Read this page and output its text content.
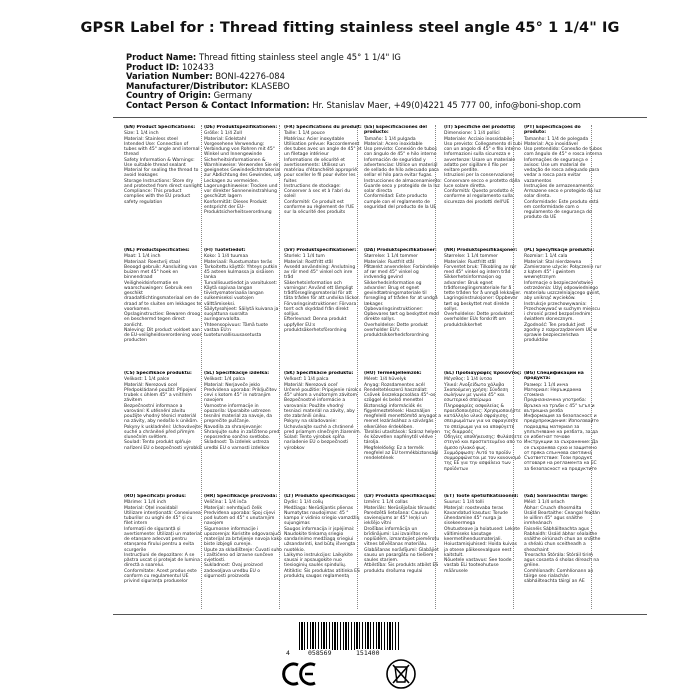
GPSR Label for : Thread fitting stainless steel angle 45° 1 1/4" IG
Product Name: Thread fitting stainless steel angle 45° 1 1/4" IG
Product ID: 102433
Variation Number: BONI-42276-084
Manufacturer/Distributor: KLASEBO
Country of Origin: Germany
Contact Person & Contact Information: Hr. Stanislav Maer, +49(0)4221 45 777 00, info@boni-shop.com
(EN) Product Specifications:
Size: 1 1/4 inch
Material: Stainless steel
Intended Use: Connection of tubes with 45° angle and internal thread
Safety Information & Warnings: Use suitable thread sealant
Material for sealing the thread to avoid leakages
Storage Instructions: Store dry and protected from direct sunlight
Compliance: This product complies with the EU product safety regulation
(DE) Produktspezifikationen:
Größe: 1 1/4 Zoll
Material: Edelstahl
Vorgesehene Verwendung: Verbindung von Rohren mit 45° Winkel und Innengewinde
Sicherheitsinformationen & Warnhinweise: Verwenden Sie ein geeignetes Gewindedichtmaterial zur Abdichtung des Gewindes, um Leckagen zu vermeiden.
Lagerungshinweise: Trocken und vor direkter Sonneneinstrahlung geschützt lagern
Konformität: Dieses Produkt entspricht der EU-Produktsicherheitsverordnung
(FR) Spécifications du produit:
Taille: 1 1/4 pouce
Matériau: Acier inoxydable
Utilisation prévue: Raccordement des tubes avec un angle de 45° et un filetage intérieur
Informations de sécurité et avertissements: Utilisez un matériau d'étanchéité approprié pour sceller le fil pour éviter les fuites
Instructions de stockage: Conserver à sec et à l'abri du soleil
Conformité: Ce produit est conforme au règlement de l'UE sur la sécurité des produits
(ES) Especificaciones del producto:
Tamaño: 1 1/4 pulgada
Material: Acero inoxidable
Uso previsto: Conexión de tubos con ángulo de 45° e hilo interno
Información de seguridad y advertencias: Utilice un material de sellado de hilo adecuado para sellar el hilo para evitar fugas.
Instrucciones de almacenamiento: Guarde seco y protegido de la luz solar directa
Conformidad: Este producto cumple con el reglamento de seguridad del producto de la UE
(IT) Specifiche del prodotto:
Dimensione: 1 1/4 pollici
Materiale: Acciaio inossidabile
Uso previsto: Collegamento di tubi con un angolo di 45° e filo interno
Informazioni sulla sicurezza e avvertenze: Usare un materiale adatto per sigillare il filo per evitare perdite.
Istruzioni per la conservazione: Conservare secco e protetto dalla luce solare diretta.
Conformità: Questo prodotto è conforme al regolamento sulla sicurezza dei prodotti dell'UE
(PT) Especificações do produto:
Tamanho: 1 1/4 de polegada
Material: Aço inoxidável
Uso pretendido: Conexão de tubos com ângulo de 45° e rosca interna
Informações de segurança e avisos: Use um material de vedação de rosca adequado para vedar a rosca para evitar vazamentos
Instruções de armazenamento: Armazene seco e protegido da luz solar direta.
Conformidade: Este produto está em conformidade com o regulamento de segurança do produto da UE
(NL) Productspecificaties:
Maat: 1 1/4 inch
Materiaal: Roestvrij staal
Beoogd gebruik: Aansluiting van buizen met 45° hoek en binnendraad
Veiligheidsinformatie en waarschuwingen: Gebruik een geschikt draadafdichtingsmateriaal om de draad af te sluiten om lekkages te voorkomen.
Opslaginstructies: Bewaren droog en beschermd tegen direct zonlicht.
Naleving: Dit product voldoet aan de EU-veiligheidsverordening voor producten
(FI) Tuotetiedot:
Koko: 1 1/4 tuumaa
Materiaali: Ruostumaton teräs
Tarkoitettu käyttö: Yhteys putkin 45 asteen kulmassa ja sisäisen lanka
Turvallisuustiedot ja varoitukset: Käytä sopivaa langan tiivistysmateriaalia langan sulkemiseksi vuotojen välttämiseksi.
Säilytysohjeet: Säilytä kuivana ja suojattuna suoralta auringonvalolta.
Yhteensopivuus: Tämä tuote vastaa EU:n tuoteturvallisuusasetusta
(SV) Produktspecifikationer:
Storlek: 1 1/4 tum
Material: Rostfritt stål
Avsedd användning: Anslutning av rör med 45° vinkel och inre tråd
Säkerhetsinformation och varningar: Använd ett lämpligt trådförseglingsmaterial för att täta tråden för att undvika läckor.
Förvaringsinstruktioner: Förvara torrt och skyddad från direkt solljus.
Efterlevnad: Denna produkt uppfyller EU:s produktsäkerhetsförordning
(DA) Produktspecifikationer:
Størrelse: 1 1/4 tommer
Materiale: Rustfrit stål
Påtænkt anvendelse: Forbindelse af rør med 45° vinkel og indvendig gevind
Sikkerhedsinformation og advarsler: Brug et egnet gevindtætningsmateriale til forsegling af tråden for at undgå lækager.
Opbevaringsinstruktioner: Opbevares tørt og beskyttet mod direkte sollys.
Overholdelse: Dette produkt overholder EU's produktsikkerhedsforordning
(NR) Produktspesifikasjoner:
Størrelse: 1 1/4 tommer
Materiale: Rustfritt stål
Forventet bruk: Tilkobling av rør med 45° vinkel og intern tråd
Sikkerhetsinformasjon og advarsler: Bruk egnet trådforseglingsmateriale for å tette tråden for å unngå lekkasjer.
Lagringsinstruksjoner: Oppbevar tørt og beskyttet mot direkte sollys.
Overholdelse: Dette produktet overholder EUs forskrift om produktsikkerhet
(PL) Specyfikacje produktu:
Rozmiar: 1 1/4 cala
Materiał: Stal nierdzewna
Zamierzone użycie: Połączenie rur z kątem 45° i gwintem wewnętrznym
Informacje o bezpieczeństwie i ostrzeżenia: Użyj odpowiedniego materiału uszczelniającego gwint, aby uniknąć wycieków.
Instrukcje przechowywania: Przechowywać w suchym miejscu i chronić przed bezpośrednim światłem słonecznym.
Zgodność: Ten produkt jest zgodny z rozporządzeniem UE w sprawie bezpieczeństwa produktów
(CS) Specifikace produktu:
Velikost: 1 1/4 palce
Materiál: Nerezová ocel
Předpokládané použití: Připojení trubek s úhlem 45° a vnitřním závitem
Bezpečnostní informace a varování: K utěsnění závitu použijte vhodný těsnicí materiál na závity, aby nedošlo k únikům.
Pokyny k uskladnění: Uchovávejte suché a chráněné před přímým slunečním světlem.
Soulad: Tento produkt splňuje nařízení EU o bezpečnosti výrobků
(SL) Specifikacije izdelka:
Velikost: 1/4 palca
Material: Nerjaveče jeklo
Predvidena uporaba: Priključitev cevi s kotom 45° in notranjim navojem
Varnostne informacije in opozorila: Uporabite ustrezen tesnilni material za navoje, da preprečite puščanje.
Navodila za shranjevanje: Shranjujte suho in zaščiteno pred neposredno sončno svetlobo.
Skladnost: Ta izdelek ustreza uredbi EU o varnosti izdelkov
(SK) Špecifikácie produktu:
Veľkosť: 1 1/4 palca
Materiál: Nerezová oceľ
Určené použitie: Pripojenie rúrok s 45° uhlom a vnútorným závitom
Bezpečnostné informácie a varovania: Použite vhodný tesniaci materiál na závity, aby ste zabránili úniku.
Pokyny na skladovanie: Uchovávajte suché a chránené pred priamym slnečným žiarením.
Súlad: Tento výrobok spĺňa nariadenie EÚ o bezpečnosti výrobkov
(HU) Termékjellemzők:
Méret: 1/4 hüvelyk
Anyag: Rozsdamentes acél
Rendeltetésszerű használat: Csövek összekapcsolása 45°-os szöggel és belső menettel
Biztonsági információk és figyelmeztetések: Használjon megfelelő menettömítő anyagot a menet lezárásához a szivárgás elkerülése érdekében.
Tárolási utasítások: Száraz helyen és közvetlen napfénytől védve tárolja.
Megfelelőség: Ez a termék megfelel az EU termékbiztonsági rendeletének
(EL) Προδιαγραφές προϊόντος:
Μέγεθος: 1 1/4 ίντσα
Υλικό: Ανοξείδωτο χάλυβα
Σκοπούμενη χρήση: Σύνδεση σωλήνων με γωνία 45° και εσωτερικό σπείρωμα
Πληροφορίες ασφαλείας & προειδοποιήσεις: Χρησιμοποιήστε κατάλληλο υλικό σφράγισης σπειρωμάτων για να σφραγίσετε το σπείρωμα για να αποφύγετε τις διαρροές
Οδηγίες αποθήκευσης: Φυλάσσετε στεγνό και προστατευμένο από το άμεσο ηλιακό φως.
Συμμόρφωση: Αυτό το προϊόν συμμορφώνεται με τον κανονισμό της ΕΕ για την ασφάλεια των προϊόντων
(BG) Спецификации на продукта:
Размер: 1 1/4 инча
Материал: Неръждаема стомана
Предназначена употреба: Връзка на тръби с 45° ъгъл и вътрешна резба
Информация за безопасност и предупреждения: Използвайте подходящ материал за уплътняване на резбата, за да се избегнат течове
Инструкции за съхранение: Да се съхранява сухо и защитено от пряка слънчева светлина
Съответствие: Този продукт отговаря на регламента на ЕС за безопасност на продуктите
(RO) Specificații produs:
Mărime: 1 1/4 inch
Material: Oțel inoxidabil
Utilizare intenționată: Conexiunea tuburilor cu unghi de 45° și cu filet intern
Informații de siguranță și avertismente: Utilizați un material de etanșare adecvat pentru etanșarea firului pentru a evita scurgerile
Instrucțiuni de depozitare: A se păstra uscat și protejat de lumina directă a soarelui.
Conformitate: Acest produs este conform cu regulamentul UE privind siguranța produselor
(HR) Specifikacije proizvoda:
Veličina: 1 1/4 inča
Materijal: nehrđajući čelik
Predviđena uporaba: Spoj cijevi pod kutom od 45° s unutarnjim navojem
Sigurnosne informacije i upozorenja: Koristite odgovarajući materijal za brtvljenje navoja kako biste izbjegli curenje.
Upute za skladištenje: Čuvati suho i zaštićeno od izravne sunčeve svjetlosti.
Sukladnost: Ovaj proizvod zadovoljava uredbu EU o sigurnosti proizvoda
(LT) Produkto specifikacijos:
Dydis: 1 1/4 colių
Medžiaga: Nerūdijantis plienas
Numatytas naudojimas: 45 ° kampo ir vidinio sriegio vamzdžių sujungimas
Saugos informacija ir įspėjimai: Naudokite tinkamą sriegio sandarinimo medžiagą sriegiui užsandarinti, kad būtų išvengta nuotėkio.
Laikymo instrukcijos: Laikykite sausai ir apsaugokite nuo tiesioginių saulės spindulių.
Atitiktis: Šis produktas atitinka ES produktų saugos reglamentą
(LV) Produkta specifikācijas:
Izmērs: 1 1/4 collas
Materiāls: Nerūsējošais tērauds
Paredzētā lietošana: Cauruļu savienojums ar 45° leņķi un iekšējo vītni
Drošības informācija un brīdinājumi: Lai izvairītos no noplūdēm, izmantojiet piemērotu vītnes blīvēšanas materiālu.
Glabāšanas norādījumi: Glabājiet sausu un pasargātu no tiešiem saules stariem.
Atbilstība: Šis produkts atbilst ES produktu drošuma regulai
(ET) Toote spetsifikatsioonid:
Suurus: 1 1/4 tolli
Materjal: roostevaba teras
Kavandatud kasutus: Torude ühendamine 45° nurga ja sisekeermega
Ohutusteave ja hoiatused: Lekete vältimiseks kasutage keermetihendusmaterjali.
Hoiustamisjuhised: Hoida kuivas ja otsese päikesevalguse eest kaitstult.
Nõuetele vastavus: See toode vastab ELi tooteohutuse määrusele
(GA) Sonraíochtaí Táirge:
Méid: 1 1/4 orlach
Ábhar: Cruach dhosmálta
Úsáid Beartaithe: Ceangal feadán le uillinn 45° agus snáithe inmheánach
Faisnéis Sábháilteachta agus Rabhaidh: Úsáid ábhar séalaithe snáithe oiriúnach chun an snáithe a shéalú chun sceitheadh a sheachaint
Treoracha Stórála: Stóráil tirim agus cosanta ó sholas díreach na gréine.
Comhlíonadh: Comhlíonann an táirge seo rialachán sábháilteachta táirgí an AE
4	058569	151400
